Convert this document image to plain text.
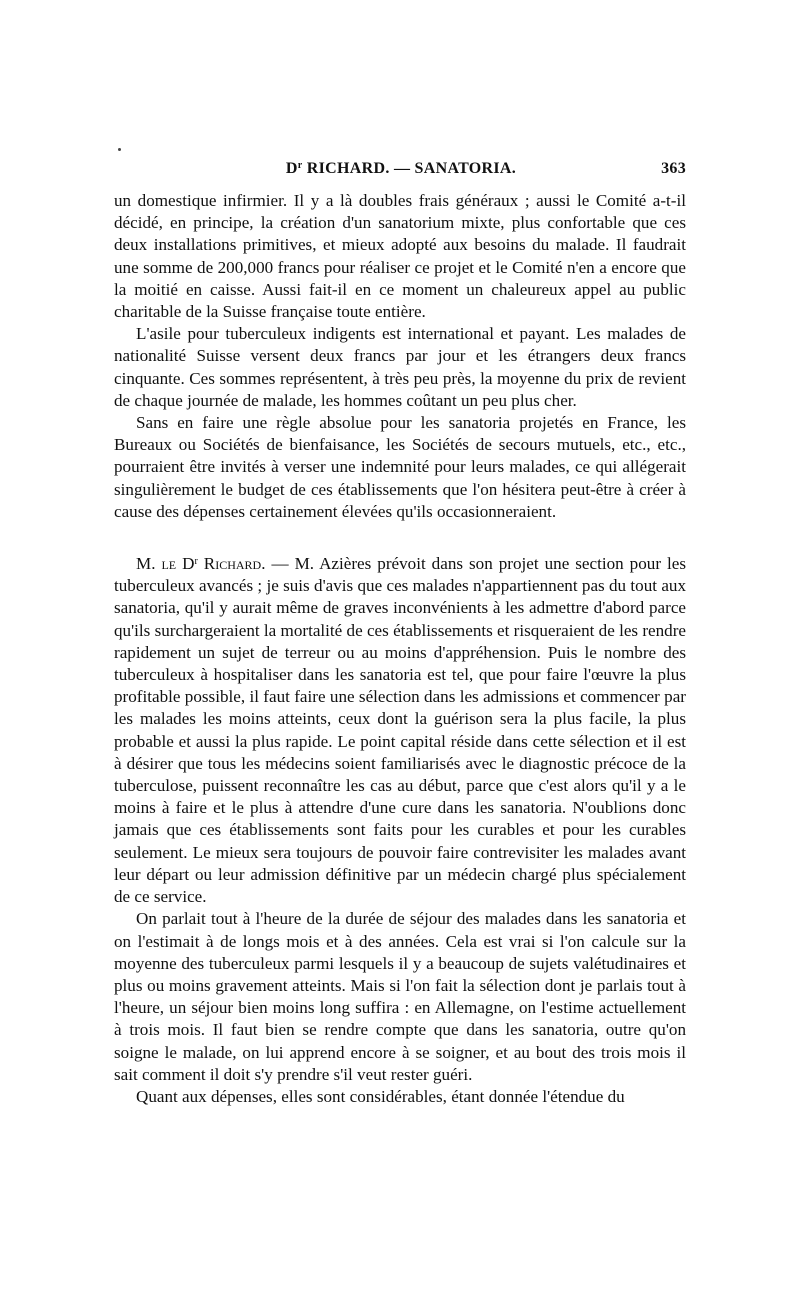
$D^r$ RICHARD. — SANATORIA.	363

un domestique infirmier. Il y a là doubles frais généraux ; aussi le Comité a-t-il décidé, en principe, la création d'un sanatorium mixte, plus confortable que ces deux installations primitives, et mieux adopté aux besoins du malade. Il faudrait une somme de 200,000 francs pour réaliser ce projet et le Comité n'en a encore que la moitié en caisse. Aussi fait-il en ce moment un chaleureux appel au public charitable de la Suisse française toute entière.

L'asile pour tuberculeux indigents est international et payant. Les malades de nationalité Suisse versent deux francs par jour et les étrangers deux francs cinquante. Ces sommes représentent, à très peu près, la moyenne du prix de revient de chaque journée de malade, les hommes coûtant un peu plus cher.

Sans en faire une règle absolue pour les sanatoria projetés en France, les Bureaux ou Sociétés de bienfaisance, les Sociétés de secours mutuels, etc., etc., pourraient être invités à verser une indemnité pour leurs malades, ce qui allégerait singulièrement le budget de ces établissements que l'on hésitera peut-être à créer à cause des dépenses certainement élevées qu'ils occasionneraient.

M. le $D^r$ Richard. — M. Azières prévoit dans son projet une section pour les tuberculeux avancés ; je suis d'avis que ces malades n'appartiennent pas du tout aux sanatoria, qu'il y aurait même de graves inconvénients à les admettre d'abord parce qu'ils surchargeraient la mortalité de ces établissements et risqueraient de les rendre rapidement un sujet de terreur ou au moins d'appréhension. Puis le nombre des tuberculeux à hospitaliser dans les sanatoria est tel, que pour faire l'œuvre la plus profitable possible, il faut faire une sélection dans les admissions et commencer par les malades les moins atteints, ceux dont la guérison sera la plus facile, la plus probable et aussi la plus rapide. Le point capital réside dans cette sélection et il est à désirer que tous les médecins soient familiarisés avec le diagnostic précoce de la tuberculose, puissent reconnaître les cas au début, parce que c'est alors qu'il y a le moins à faire et le plus à attendre d'une cure dans les sanatoria. N'oublions donc jamais que ces établissements sont faits pour les curables et pour les curables seulement. Le mieux sera toujours de pouvoir faire contrevisiter les malades avant leur départ ou leur admission définitive par un médecin chargé plus spécialement de ce service.

On parlait tout à l'heure de la durée de séjour des malades dans les sanatoria et on l'estimait à de longs mois et à des années. Cela est vrai si l'on calcule sur la moyenne des tuberculeux parmi lesquels il y a beaucoup de sujets valétudinaires et plus ou moins gravement atteints. Mais si l'on fait la sélection dont je parlais tout à l'heure, un séjour bien moins long suffira : en Allemagne, on l'estime actuellement à trois mois. Il faut bien se rendre compte que dans les sanatoria, outre qu'on soigne le malade, on lui apprend encore à se soigner, et au bout des trois mois il sait comment il doit s'y prendre s'il veut rester guéri.

Quant aux dépenses, elles sont considérables, étant donnée l'étendue du
